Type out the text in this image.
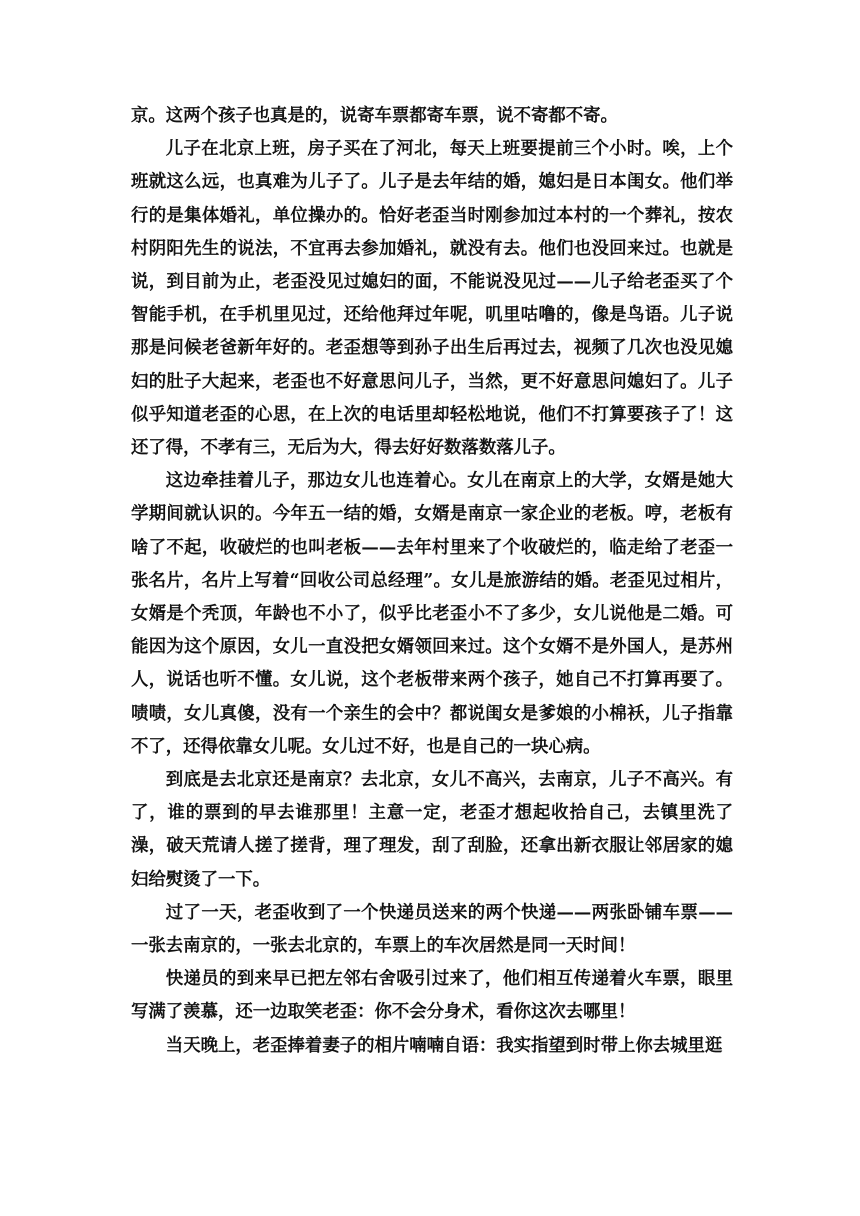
京。这两个孩子也真是的，说寄车票都寄车票，说不寄都不寄。

儿子在北京上班，房子买在了河北，每天上班要提前三个小时。唉，上个班就这么远，也真难为儿子了。儿子是去年结的婚，媳妇是日本闺女。他们举行的是集体婚礼，单位操办的。恰好老歪当时刚参加过本村的一个葬礼，按农村阴阳先生的说法，不宜再去参加婚礼，就没有去。他们也没回来过。也就是说，到目前为止，老歪没见过媳妇的面，不能说没见过——儿子给老歪买了个智能手机，在手机里见过，还给他拜过年呢，叽里咕噜的，像是鸟语。儿子说那是问候老爸新年好的。老歪想等到孙子出生后再过去，视频了几次也没见媳妇的肚子大起来，老歪也不好意思问儿子，当然，更不好意思问媳妇了。儿子似乎知道老歪的心思，在上次的电话里却轻松地说，他们不打算要孩子了！这还了得，不孝有三，无后为大，得去好好数落数落儿子。

这边牵挂着儿子，那边女儿也连着心。女儿在南京上的大学，女婿是她大学期间就认识的。今年五一结的婚，女婿是南京一家企业的老板。哼，老板有啥了不起，收破烂的也叫老板——去年村里来了个收破烂的，临走给了老歪一张名片，名片上写着“回收公司总经理”。女儿是旅游结的婚。老歪见过相片，女婿是个秃顶，年龄也不小了，似乎比老歪小不了多少，女儿说他是二婚。可能因为这个原因，女儿一直没把女婿领回来过。这个女婿不是外国人，是苏州人，说话也听不懂。女儿说，这个老板带来两个孩子，她自己不打算再要了。啧啧，女儿真傻，没有一个亲生的会中？都说闺女是爹娘的小棉袄，儿子指靠不了，还得依靠女儿呢。女儿过不好，也是自己的一块心病。

到底是去北京还是南京？去北京，女儿不高兴，去南京，儿子不高兴。有了，谁的票到的早去谁那里！主意一定，老歪才想起收拾自己，去镇里洗了澡，破天荒请人搓了搓背，理了理发，刮了刮脸，还拿出新衣服让邻居家的媳妇给熨烫了一下。

过了一天，老歪收到了一个快递员送来的两个快递——两张卧铺车票——一张去南京的，一张去北京的，车票上的车次居然是同一天时间！

快递员的到来早已把左邻右舍吸引过来了，他们相互传递着火车票，眼里写满了羡慕，还一边取笑老歪：你不会分身术，看你这次去哪里！

当天晚上，老歪捧着妻子的相片喃喃自语：我实指望到时带上你去城里逛
